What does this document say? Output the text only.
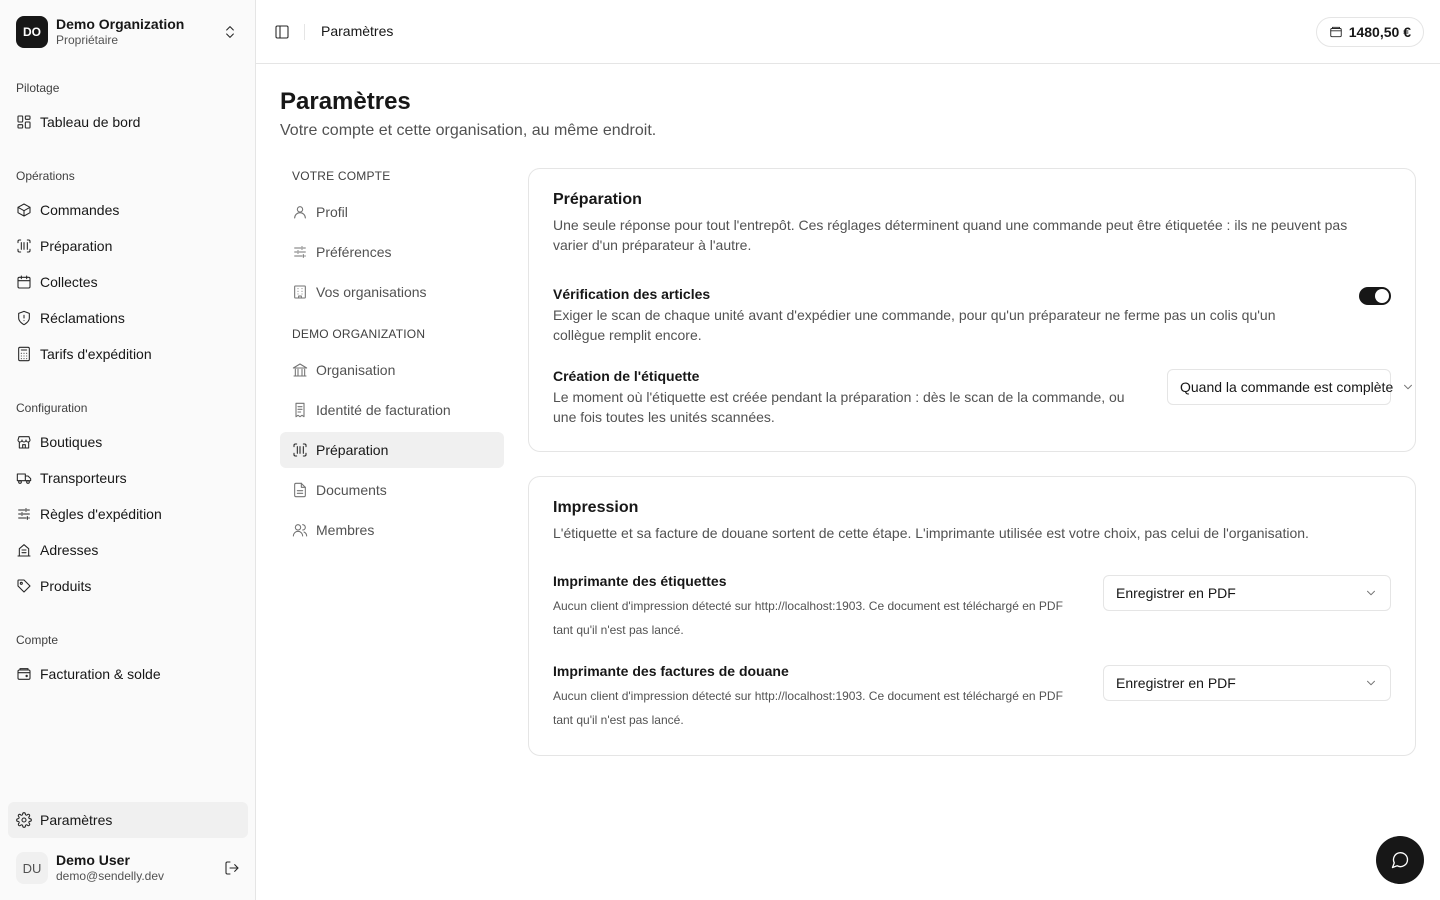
DO
Demo Organization
Propriétaire
Pilotage
Tableau de bord
Opérations
Commandes
Préparation
Collectes
Réclamations
Tarifs d'expédition
Configuration
Boutiques
Transporteurs
Règles d'expédition
Adresses
Produits
Compte
Facturation & solde
Paramètres
DU	Demo User
demo@sendelly.dev
Paramètres	1480,50 €
Paramètres

Votre compte et cette organisation, au même endroit.

VOTRE COMPTE
Profil
Préférences
Vos organisations
DEMO ORGANIZATION
Organisation
Identité de facturation
Préparation
Documents
Membres
Préparation

Une seule réponse pour tout l'entrepôt. Ces réglages déterminent quand une commande peut être étiquetée : ils ne peuvent pas
varier d'un préparateur à l'autre.

Vérification des articles

Exiger le scan de chaque unité avant d'expédier une commande, pour qu'un préparateur ne ferme pas un colis qu'un
collègue remplit encore.

Création de l'étiquette

Le moment où l'étiquette est créée pendant la préparation : dès le scan de la commande, ou
une fois toutes les unités scannées.

Quand la commande est complète
Impression

L'étiquette et sa facture de douane sortent de cette étape. L'imprimante utilisée est votre choix, pas celui de l'organisation.

Imprimante des étiquettes

Aucun client d'impression détecté sur http://localhost:1903. Ce document est téléchargé en PDF
tant qu'il n'est pas lancé.

Enregistrer en PDF
Imprimante des factures de douane

Aucun client d'impression détecté sur http://localhost:1903. Ce document est téléchargé en PDF
tant qu'il n'est pas lancé.

Enregistrer en PDF
